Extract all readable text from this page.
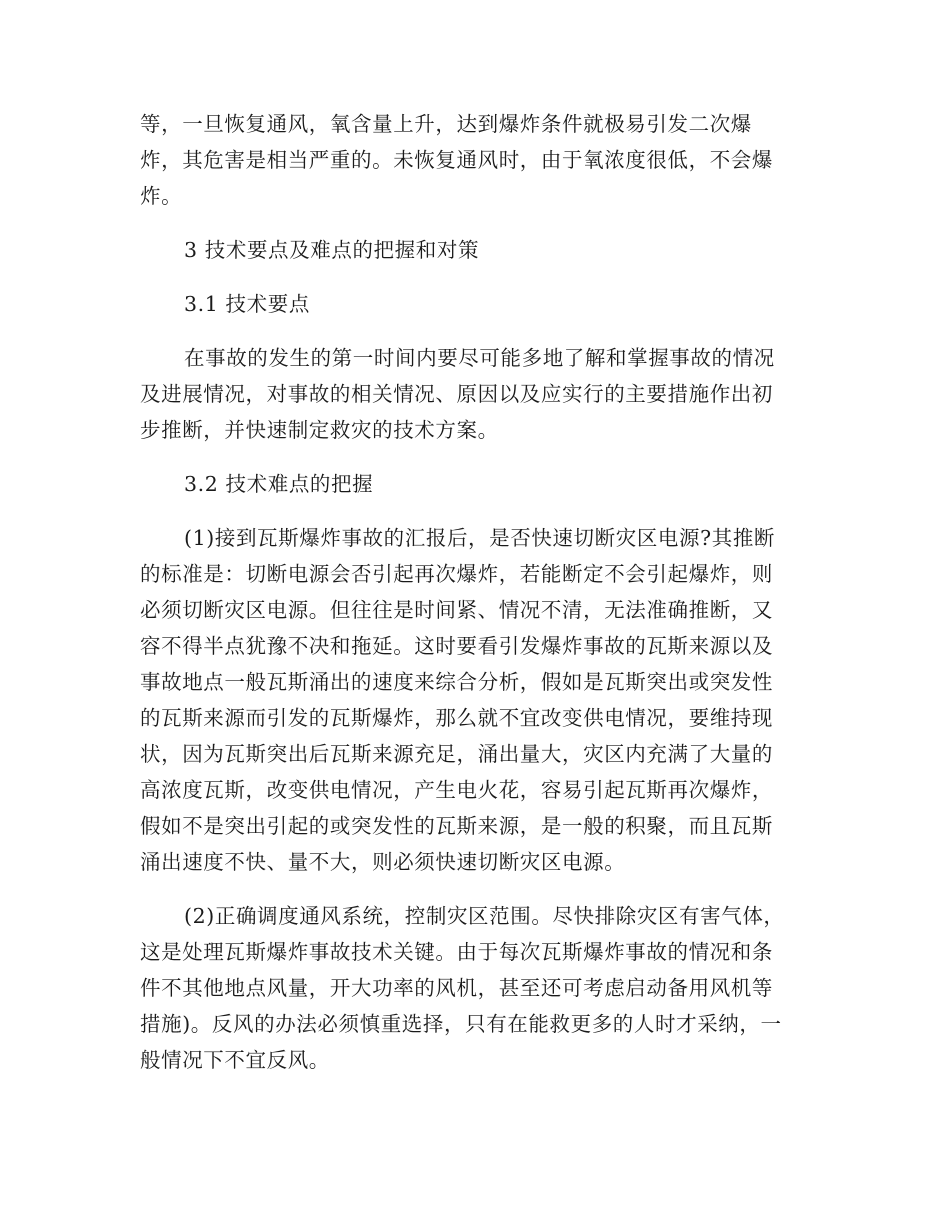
等，一旦恢复通风，氧含量上升，达到爆炸条件就极易引发二次爆
炸，其危害是相当严重的。未恢复通风时，由于氧浓度很低，不会爆
炸。
3 技术要点及难点的把握和对策
3.1 技术要点
在事故的发生的第一时间内要尽可能多地了解和掌握事故的情况
及进展情况，对事故的相关情况、原因以及应实行的主要措施作出初
步推断，并快速制定救灾的技术方案。
3.2 技术难点的把握
(1)接到瓦斯爆炸事故的汇报后，是否快速切断灾区电源?其推断
的标准是：切断电源会否引起再次爆炸，若能断定不会引起爆炸，则
必须切断灾区电源。但往往是时间紧、情况不清，无法准确推断，又
容不得半点犹豫不决和拖延。这时要看引发爆炸事故的瓦斯来源以及
事故地点一般瓦斯涌出的速度来综合分析，假如是瓦斯突出或突发性
的瓦斯来源而引发的瓦斯爆炸，那么就不宜改变供电情况，要维持现
状，因为瓦斯突出后瓦斯来源充足，涌出量大，灾区内充满了大量的
高浓度瓦斯，改变供电情况，产生电火花，容易引起瓦斯再次爆炸，
假如不是突出引起的或突发性的瓦斯来源，是一般的积聚，而且瓦斯
涌出速度不快、量不大，则必须快速切断灾区电源。
(2)正确调度通风系统，控制灾区范围。尽快排除灾区有害气体，
这是处理瓦斯爆炸事故技术关键。由于每次瓦斯爆炸事故的情况和条
件不其他地点风量，开大功率的风机，甚至还可考虑启动备用风机等
措施)。反风的办法必须慎重选择，只有在能救更多的人时才采纳，一
般情况下不宜反风。
